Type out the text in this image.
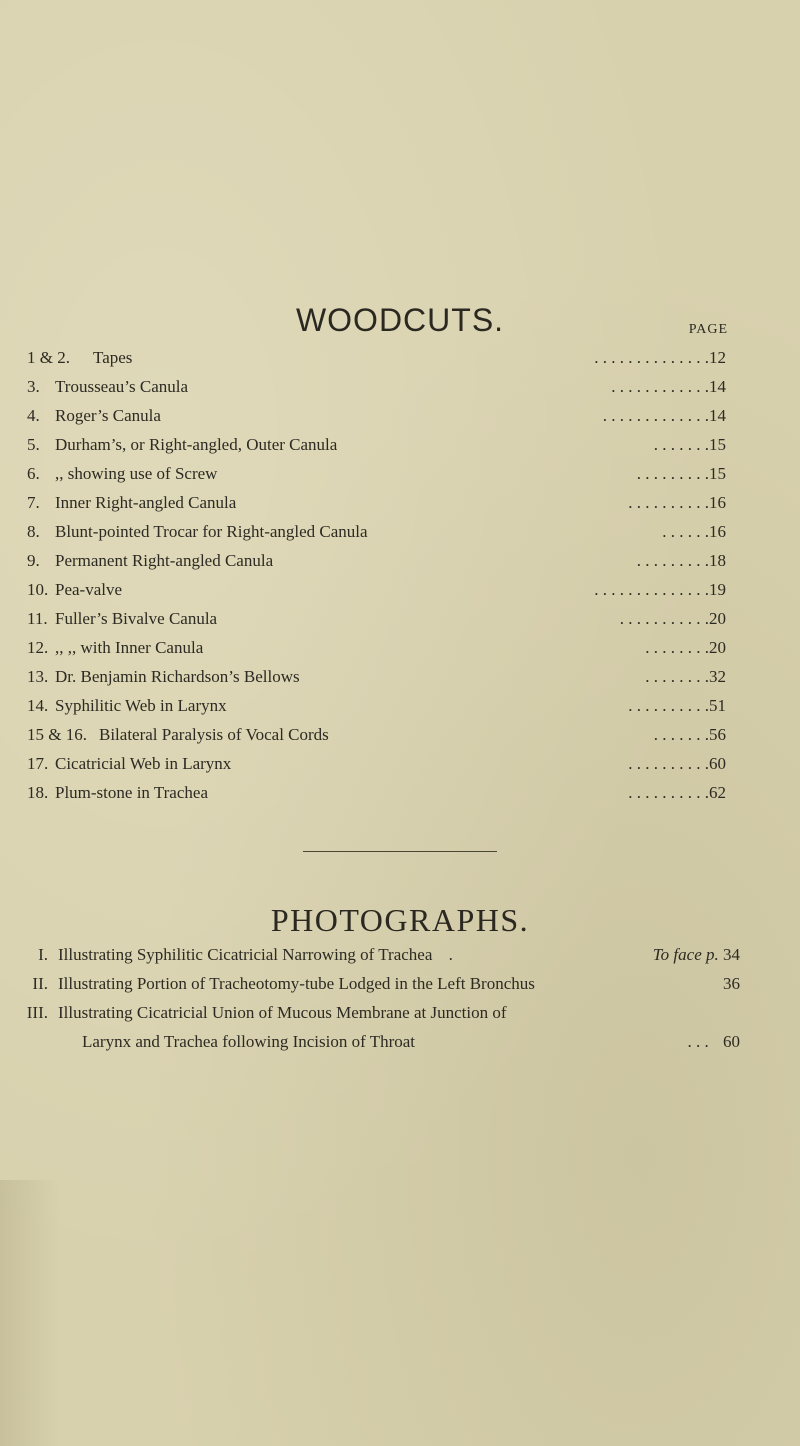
WOODCUTS.	PAGE
1 & 2. Tapes	. . . . . . . . . . . . . . 12
3. Trousseau’s Canula	. . . . . . . . . . . . 14
4. Roger’s Canula	. . . . . . . . . . . . . 14
5. Durham’s, or Right-angled, Outer Canula	. . . . . . . 15
6. ,, showing use of Screw	. . . . . . . . . 15
7. Inner Right-angled Canula	. . . . . . . . . . 16
8. Blunt-pointed Trocar for Right-angled Canula	. . . . . . 16
9. Permanent Right-angled Canula	. . . . . . . . . 18
10. Pea-valve	. . . . . . . . . . . . . . 19
11. Fuller’s Bivalve Canula	. . . . . . . . . . . 20
12. ,, ,, with Inner Canula	. . . . . . . . 20
13. Dr. Benjamin Richardson’s Bellows	. . . . . . . . 32
14. Syphilitic Web in Larynx	. . . . . . . . . . 51
15 & 16. Bilateral Paralysis of Vocal Cords	. . . . . . . 56
17. Cicatricial Web in Larynx	. . . . . . . . . . 60
18. Plum-stone in Trachea	. . . . . . . . . . 62
PHOTOGRAPHS.
I. Illustrating Syphilitic Cicatricial Narrowing of Trachea .	To face p. 34
II. Illustrating Portion of Tracheotomy-tube Lodged in the Left Bronchus	36
III. Illustrating Cicatricial Union of Mucous Membrane at Junction of
Larynx and Trachea following Incision of Throat	. . . 60
